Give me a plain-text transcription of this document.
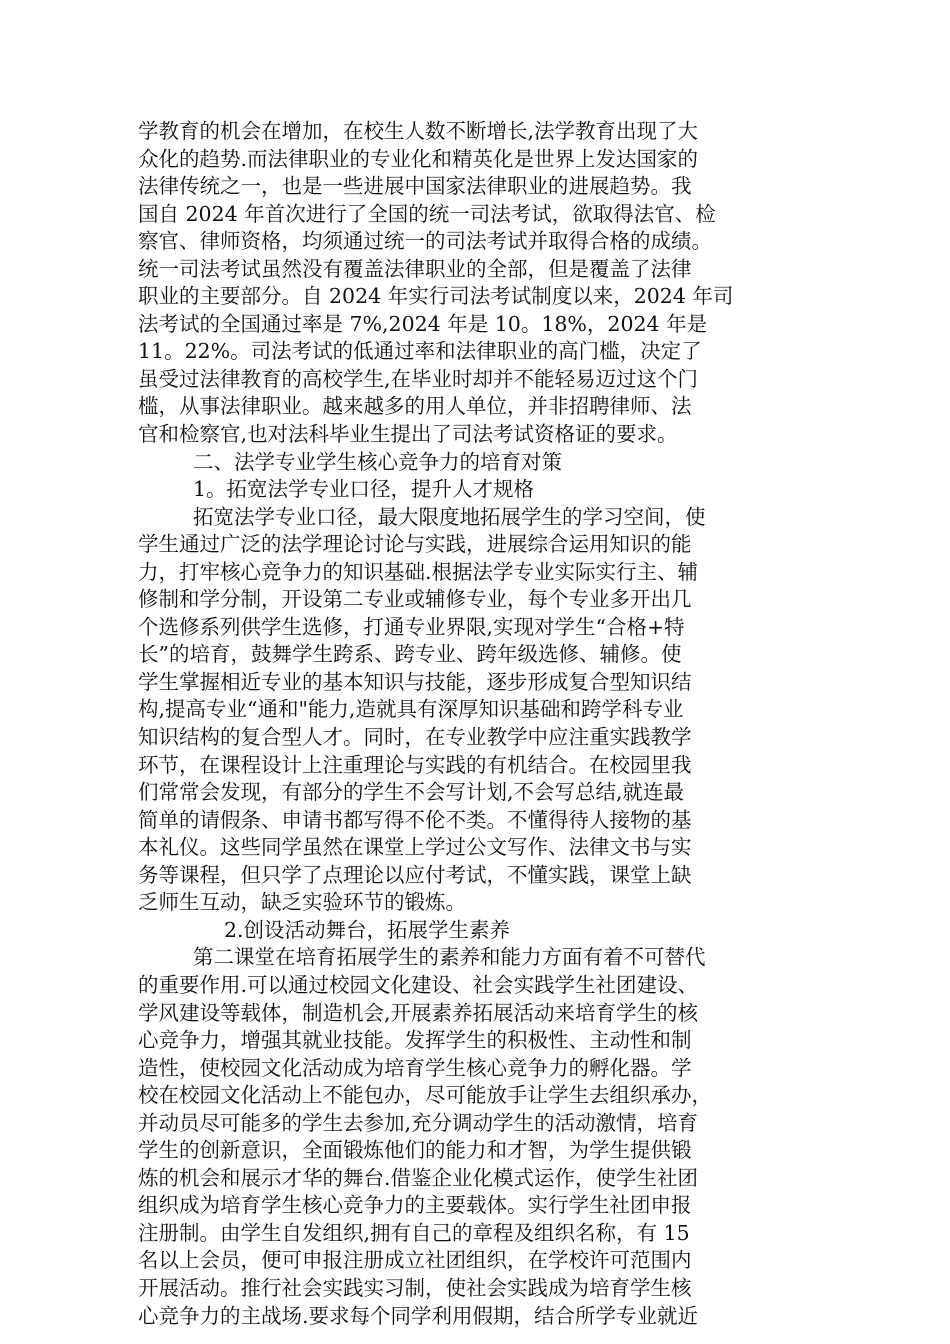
学教育的机会在增加，在校生人数不断增长,法学教育出现了大
众化的趋势.而法律职业的专业化和精英化是世界上发达国家的
法律传统之一，也是一些进展中国家法律职业的进展趋势。我
国自 2024 年首次进行了全国的统一司法考试，欲取得法官、检
察官、律师资格，均须通过统一的司法考试并取得合格的成绩。
统一司法考试虽然没有覆盖法律职业的全部，但是覆盖了法律
职业的主要部分。自 2024 年实行司法考试制度以来，2024 年司
法考试的全国通过率是 7%,2024 年是 10。18%，2024 年是
11。22%。司法考试的低通过率和法律职业的高门槛，决定了
虽受过法律教育的高校学生,在毕业时却并不能轻易迈过这个门
槛，从事法律职业。越来越多的用人单位，并非招聘律师、法
官和检察官,也对法科毕业生提出了司法考试资格证的要求。
二、法学专业学生核心竞争力的培育对策
1。拓宽法学专业口径，提升人才规格
拓宽法学专业口径，最大限度地拓展学生的学习空间，使
学生通过广泛的法学理论讨论与实践，进展综合运用知识的能
力，打牢核心竞争力的知识基础.根据法学专业实际实行主、辅
修制和学分制，开设第二专业或辅修专业，每个专业多开出几
个选修系列供学生选修，打通专业界限,实现对学生“合格+特
长”的培育，鼓舞学生跨系、跨专业、跨年级选修、辅修。使
学生掌握相近专业的基本知识与技能，逐步形成复合型知识结
构,提高专业“通和"能力,造就具有深厚知识基础和跨学科专业
知识结构的复合型人才。同时，在专业教学中应注重实践教学
环节，在课程设计上注重理论与实践的有机结合。在校园里我
们常常会发现，有部分的学生不会写计划,不会写总结,就连最
简单的请假条、申请书都写得不伦不类。不懂得待人接物的基
本礼仪。这些同学虽然在课堂上学过公文写作、法律文书与实
务等课程，但只学了点理论以应付考试，不懂实践，课堂上缺
乏师生互动，缺乏实验环节的锻炼。
2.创设活动舞台，拓展学生素养
第二课堂在培育拓展学生的素养和能力方面有着不可替代
的重要作用.可以通过校园文化建设、社会实践学生社团建设、
学风建设等载体，制造机会,开展素养拓展活动来培育学生的核
心竞争力，增强其就业技能。发挥学生的积极性、主动性和制
造性，使校园文化活动成为培育学生核心竞争力的孵化器。学
校在校园文化活动上不能包办，尽可能放手让学生去组织承办，
并动员尽可能多的学生去参加,充分调动学生的活动激情，培育
学生的创新意识，全面锻炼他们的能力和才智，为学生提供锻
炼的机会和展示才华的舞台.借鉴企业化模式运作，使学生社团
组织成为培育学生核心竞争力的主要载体。实行学生社团申报
注册制。由学生自发组织,拥有自己的章程及组织名称，有 15
名以上会员，便可申报注册成立社团组织，在学校许可范围内
开展活动。推行社会实践实习制，使社会实践成为培育学生核
心竞争力的主战场.要求每个同学利用假期，结合所学专业就近
